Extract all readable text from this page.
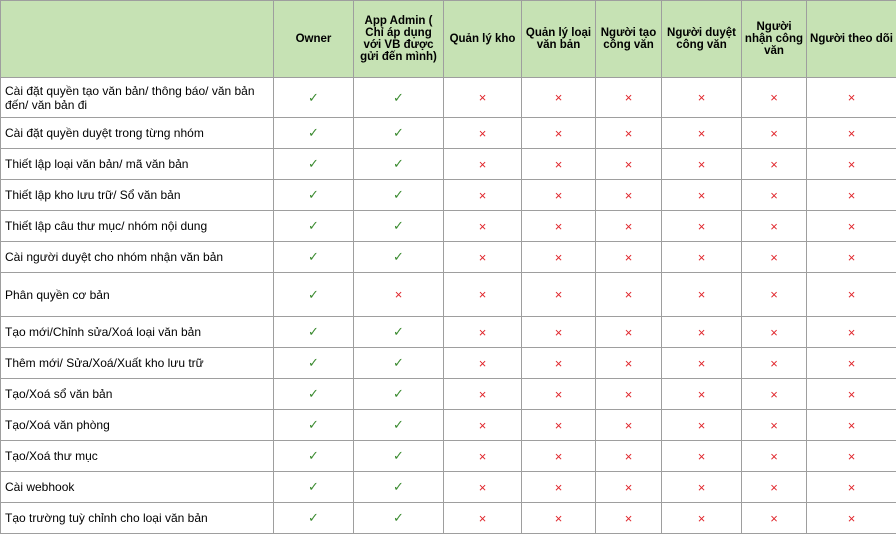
	Owner	App Admin ( Chỉ áp dụng với VB được gửi đến mình)	Quản lý kho	Quản lý loại văn bản	Người tạo công văn	Người duyệt công văn	Người nhận công văn	Người theo dõi
Cài đặt quyền tạo văn bản/ thông báo/ văn bản đến/ văn bản đi	✓	✓	×	×	×	×	×	×
Cài đặt quyền duyệt trong từng nhóm	✓	✓	×	×	×	×	×	×
Thiết lập loại văn bản/ mã văn bản	✓	✓	×	×	×	×	×	×
Thiết lập kho lưu trữ/ Sổ văn bản	✓	✓	×	×	×	×	×	×
Thiết lập câu thư mục/ nhóm nội dung	✓	✓	×	×	×	×	×	×
Cài người duyệt cho nhóm nhận văn bản	✓	✓	×	×	×	×	×	×
Phân quyền cơ bản	✓	×	×	×	×	×	×	×
Tạo mới/Chỉnh sửa/Xoá loại văn bản	✓	✓	×	×	×	×	×	×
Thêm mới/ Sửa/Xoá/Xuất kho lưu trữ	✓	✓	×	×	×	×	×	×
Tạo/Xoá sổ văn bản	✓	✓	×	×	×	×	×	×
Tạo/Xoá văn phòng	✓	✓	×	×	×	×	×	×
Tạo/Xoá thư mục	✓	✓	×	×	×	×	×	×
Cài webhook	✓	✓	×	×	×	×	×	×
Tạo trường tuỳ chỉnh cho loại văn bản	✓	✓	×	×	×	×	×	×
